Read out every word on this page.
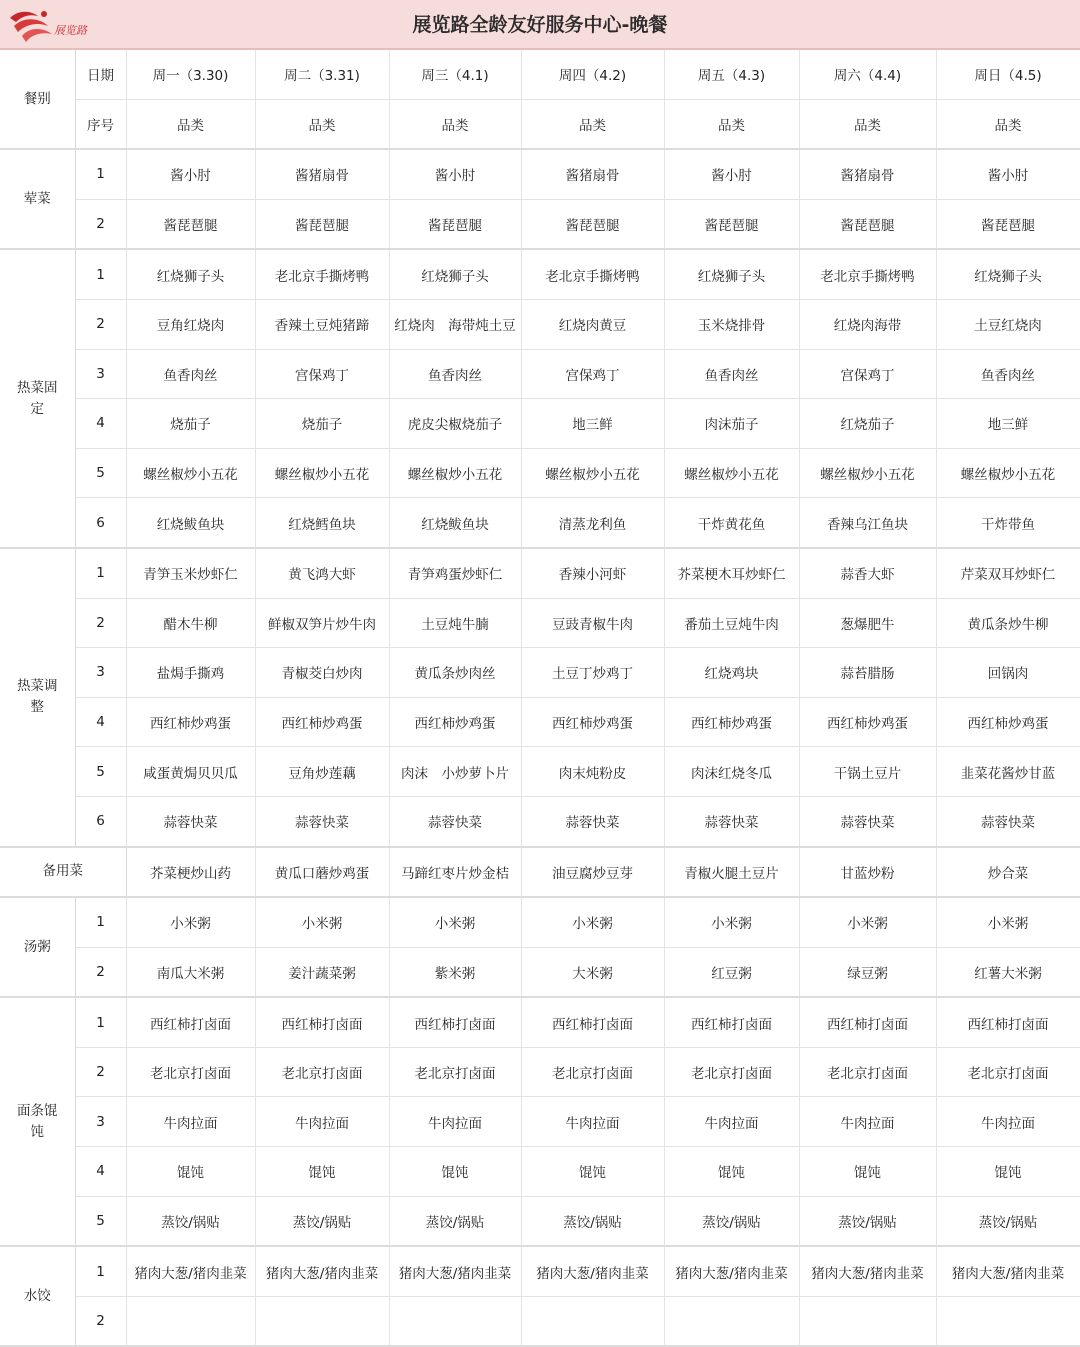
展览路	展览路全龄友好服务中心-晚餐
餐别	日期	周一（3.30)	周二（3.31)	周三（4.1)	周四（4.2)	周五（4.3)	周六（4.4)	周日（4.5)
	序号	品类	品类	品类	品类	品类	品类	品类
荤菜	1	酱小肘	酱猪扇骨	酱小肘	酱猪扇骨	酱小肘	酱猪扇骨	酱小肘
	2	酱琵琶腿	酱琵琶腿	酱琵琶腿	酱琵琶腿	酱琵琶腿	酱琵琶腿	酱琵琶腿
热菜固定	1	红烧狮子头	老北京手撕烤鸭	红烧狮子头	老北京手撕烤鸭	红烧狮子头	老北京手撕烤鸭	红烧狮子头
	2	豆角红烧肉	香辣土豆炖猪蹄	红烧肉　海带炖土豆	红烧肉黄豆	玉米烧排骨	红烧肉海带	土豆红烧肉
	3	鱼香肉丝	宫保鸡丁	鱼香肉丝	宫保鸡丁	鱼香肉丝	宫保鸡丁	鱼香肉丝
	4	烧茄子	烧茄子	虎皮尖椒烧茄子	地三鲜	肉沫茄子	红烧茄子	地三鲜
	5	螺丝椒炒小五花	螺丝椒炒小五花	螺丝椒炒小五花	螺丝椒炒小五花	螺丝椒炒小五花	螺丝椒炒小五花	螺丝椒炒小五花
	6	红烧鲅鱼块	红烧鳕鱼块	红烧鲅鱼块	清蒸龙利鱼	干炸黄花鱼	香辣乌江鱼块	干炸带鱼
热菜调整	1	青笋玉米炒虾仁	黄飞鸿大虾	青笋鸡蛋炒虾仁	香辣小河虾	芥菜梗木耳炒虾仁	蒜香大虾	芹菜双耳炒虾仁
	2	醋木牛柳	鲜椒双笋片炒牛肉	土豆炖牛腩	豆豉青椒牛肉	番茄土豆炖牛肉	葱爆肥牛	黄瓜条炒牛柳
	3	盐焗手撕鸡	青椒茭白炒肉	黄瓜条炒肉丝	土豆丁炒鸡丁	红烧鸡块	蒜苔腊肠	回锅肉
	4	西红柿炒鸡蛋	西红柿炒鸡蛋	西红柿炒鸡蛋	西红柿炒鸡蛋	西红柿炒鸡蛋	西红柿炒鸡蛋	西红柿炒鸡蛋
	5	咸蛋黄焗贝贝瓜	豆角炒莲藕	肉沫　小炒萝卜片	肉末炖粉皮	肉沫红烧冬瓜	干锅土豆片	韭菜花酱炒甘蓝
	6	蒜蓉快菜	蒜蓉快菜	蒜蓉快菜	蒜蓉快菜	蒜蓉快菜	蒜蓉快菜	蒜蓉快菜
备用菜		芥菜梗炒山药	黄瓜口蘑炒鸡蛋	马蹄红枣片炒金桔	油豆腐炒豆芽	青椒火腿土豆片	甘蓝炒粉	炒合菜
汤粥	1	小米粥	小米粥	小米粥	小米粥	小米粥	小米粥	小米粥
	2	南瓜大米粥	姜汁蔬菜粥	紫米粥	大米粥	红豆粥	绿豆粥	红薯大米粥
面条馄饨	1	西红柿打卤面	西红柿打卤面	西红柿打卤面	西红柿打卤面	西红柿打卤面	西红柿打卤面	西红柿打卤面
	2	老北京打卤面	老北京打卤面	老北京打卤面	老北京打卤面	老北京打卤面	老北京打卤面	老北京打卤面
	3	牛肉拉面	牛肉拉面	牛肉拉面	牛肉拉面	牛肉拉面	牛肉拉面	牛肉拉面
	4	馄饨	馄饨	馄饨	馄饨	馄饨	馄饨	馄饨
	5	蒸饺/锅贴	蒸饺/锅贴	蒸饺/锅贴	蒸饺/锅贴	蒸饺/锅贴	蒸饺/锅贴	蒸饺/锅贴
水饺	1	猪肉大葱/猪肉韭菜	猪肉大葱/猪肉韭菜	猪肉大葱/猪肉韭菜	猪肉大葱/猪肉韭菜	猪肉大葱/猪肉韭菜	猪肉大葱/猪肉韭菜	猪肉大葱/猪肉韭菜
	2							
